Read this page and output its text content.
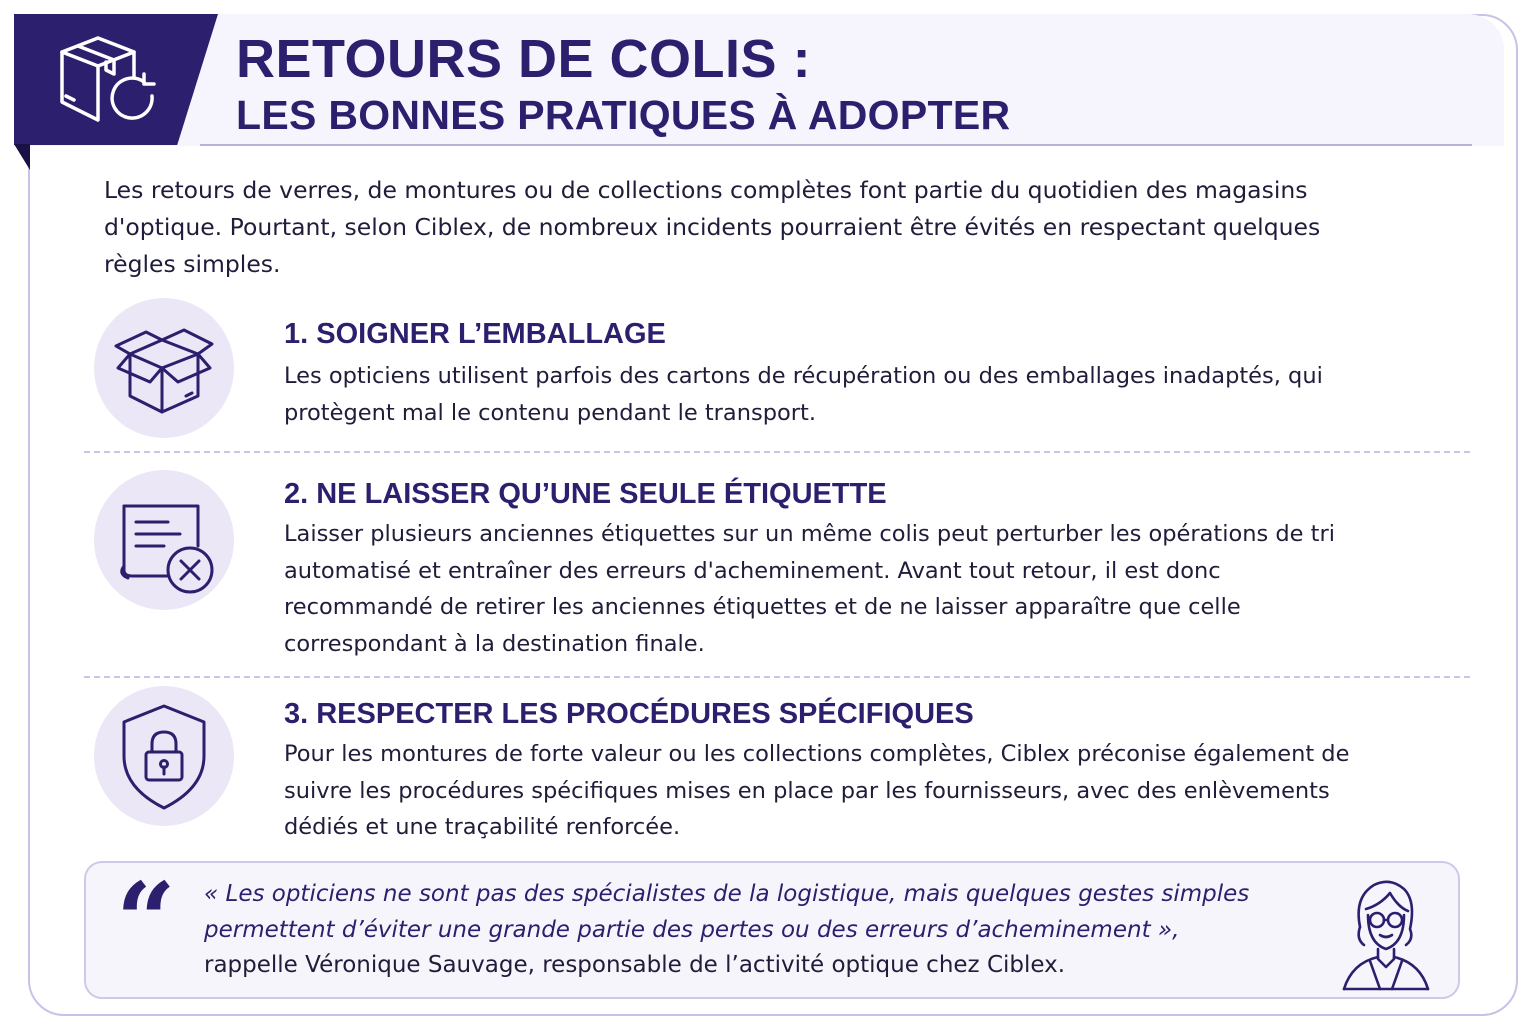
RETOURS DE COLIS :
LES BONNES PRATIQUES À ADOPTER

Les retours de verres, de montures ou de collections complètes font partie du quotidien des magasins d'optique. Pourtant, selon Ciblex, de nombreux incidents pourraient être évités en respectant quelques règles simples.

1. SOIGNER L’EMBALLAGE

Les opticiens utilisent parfois des cartons de récupération ou des emballages inadaptés, qui protègent mal le contenu pendant le transport.

2. NE LAISSER QU’UNE SEULE ÉTIQUETTE

Laisser plusieurs anciennes étiquettes sur un même colis peut perturber les opérations de tri automatisé et entraîner des erreurs d'acheminement. Avant tout retour, il est donc recommandé de retirer les anciennes étiquettes et de ne laisser apparaître que celle correspondant à la destination finale.

3. RESPECTER LES PROCÉDURES SPÉCIFIQUES

Pour les montures de forte valeur ou les collections complètes, Ciblex préconise également de suivre les procédures spécifiques mises en place par les fournisseurs, avec des enlèvements dédiés et une traçabilité renforcée.

“ « Les opticiens ne sont pas des spécialistes de la logistique, mais quelques gestes simples permettent d’éviter une grande partie des pertes ou des erreurs d’acheminement »,

rappelle Véronique Sauvage, responsable de l’activité optique chez Ciblex.
